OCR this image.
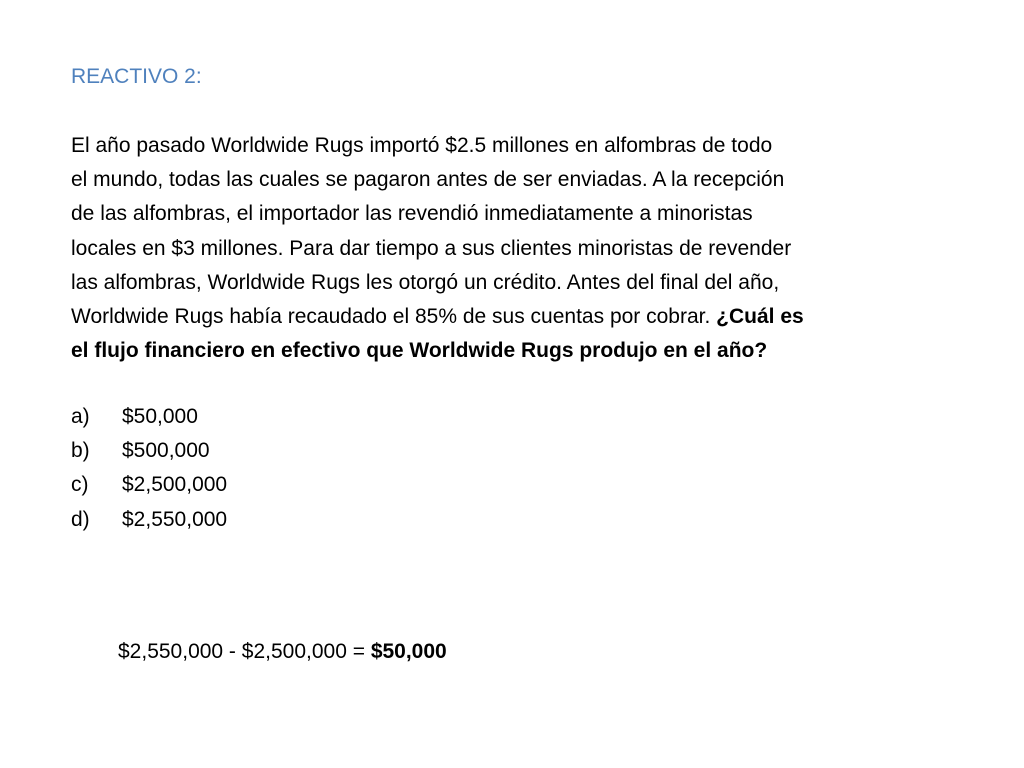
REACTIVO 2:

El año pasado Worldwide Rugs importó $2.5 millones en alfombras de todo
el mundo, todas las cuales se pagaron antes de ser enviadas. A la recepción
de las alfombras, el importador las revendió inmediatamente a minoristas
locales en $3 millones. Para dar tiempo a sus clientes minoristas de revender
las alfombras, Worldwide Rugs les otorgó un crédito. Antes del final del año,
Worldwide Rugs había recaudado el 85% de sus cuentas por cobrar. ¿Cuál es
el flujo financiero en efectivo que Worldwide Rugs produjo en el año?

a)	$50,000
b)	$500,000
c)	$2,500,000
d)	$2,550,000

$2,550,000 - $2,500,000 = $50,000
